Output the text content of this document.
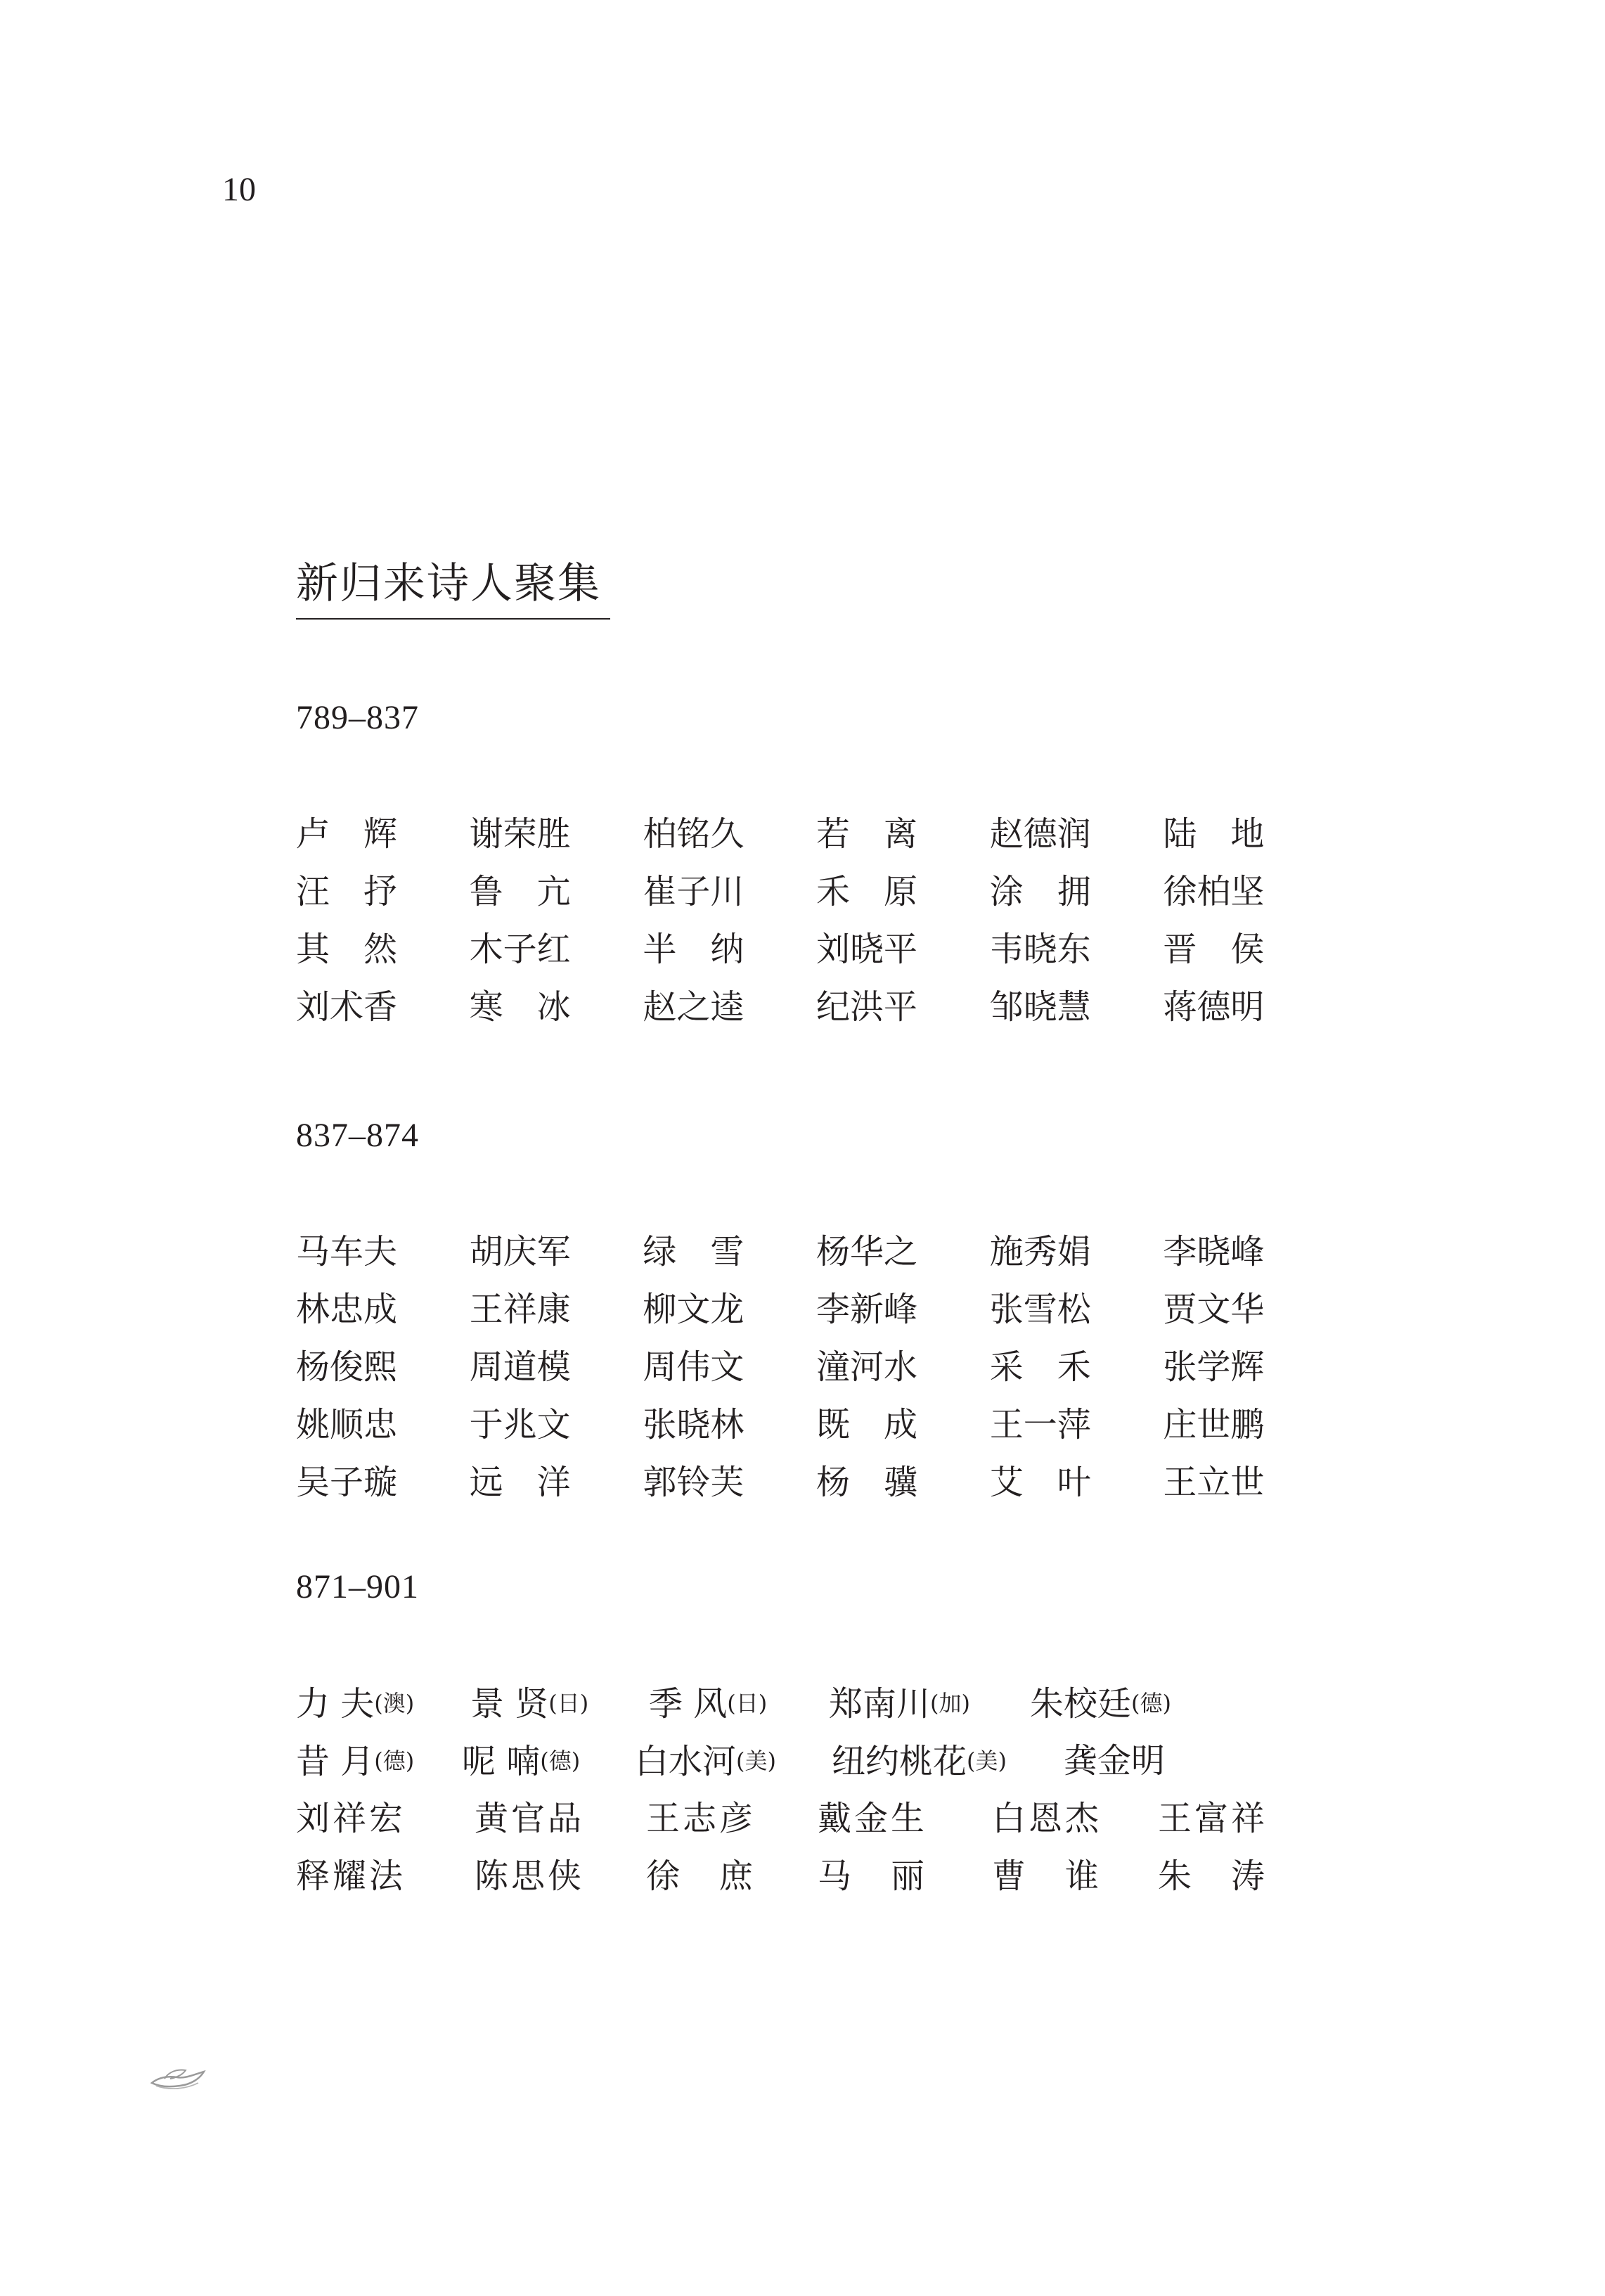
10
新归来诗人聚集
789–837
卢　辉	谢荣胜	柏铭久	若　离	赵德润	陆　地
汪　抒	鲁　亢	崔子川	禾　原	涂　拥	徐柏坚
其　然	木子红	半　纳	刘晓平	韦晓东	晋　侯
刘术香	寒　冰	赵之逵	纪洪平	邹晓慧	蒋德明
837–874
马车夫	胡庆军	绿　雪	杨华之	施秀娟	李晓峰
林忠成	王祥康	柳文龙	李新峰	张雪松	贾文华
杨俊熙	周道模	周伟文	潼河水	采　禾	张学辉
姚顺忠	于兆文	张晓林	既　成	王一萍	庄世鹏
吴子璇	远　洋	郭铃芙	杨　骥	艾　叶	王立世
871–901
力 夫(澳)	景 贤(日)	季 风(日)	郑南川(加)	朱校廷(德)
昔 月(德)	呢 喃(德)	白水河(美)	纽约桃花(美)	龚金明
刘祥宏	黄官品	王志彦	戴金生	白恩杰	王富祥
释耀法	陈思侠	徐　庶	马　丽	曹　谁	朱　涛
